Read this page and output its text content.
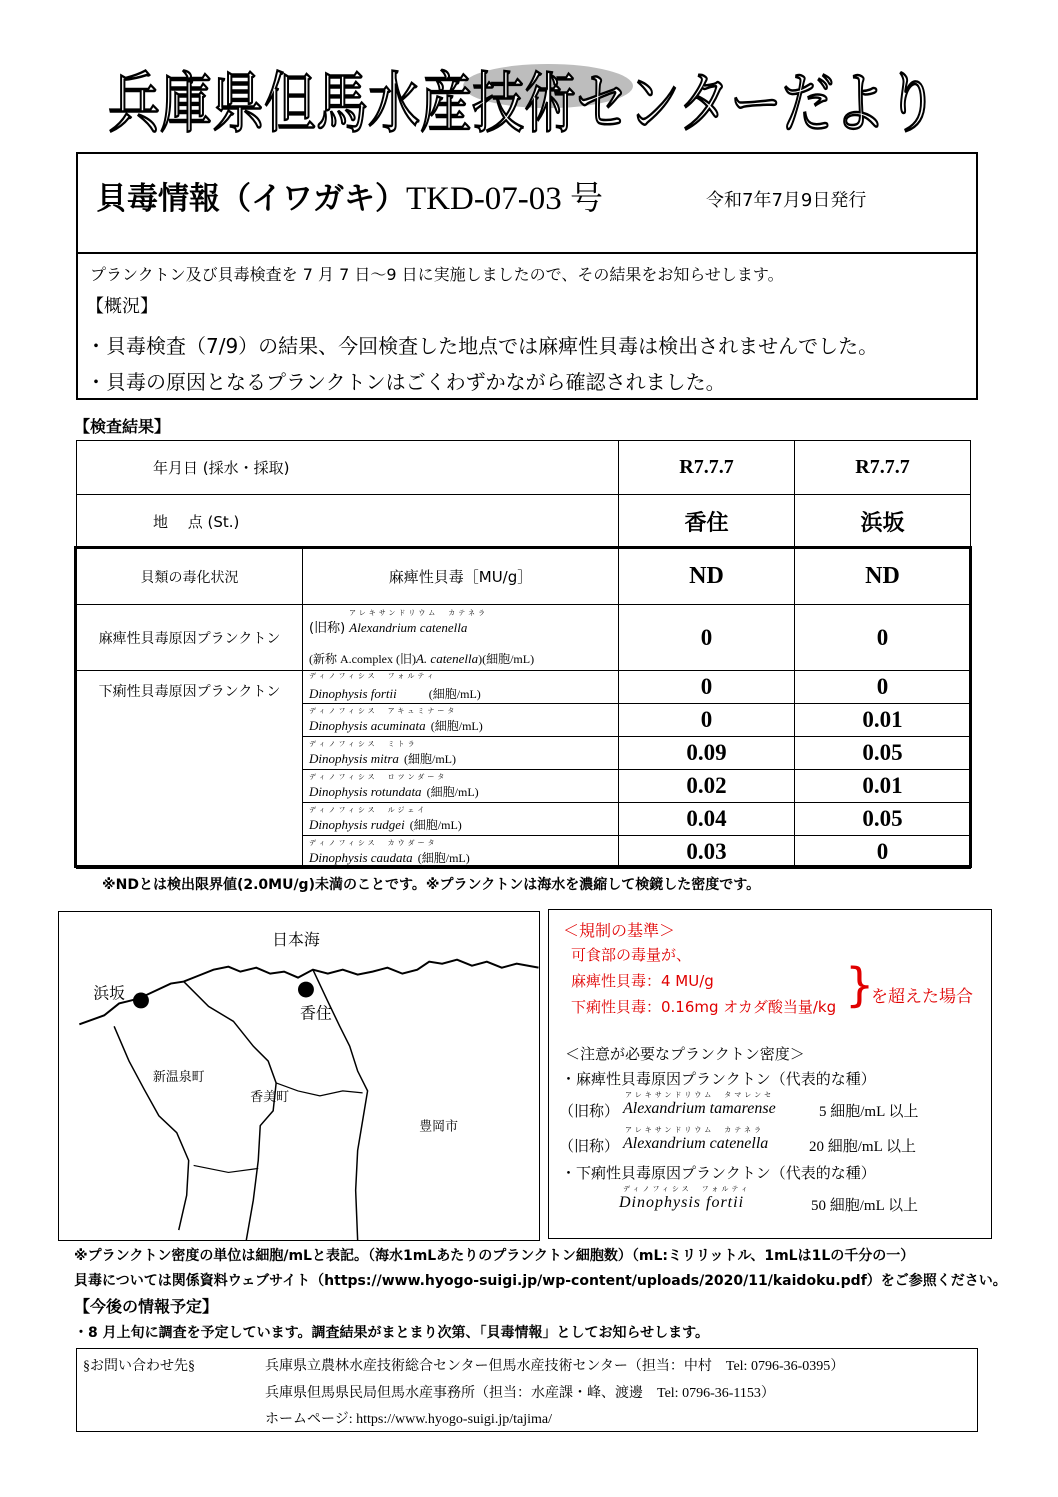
兵庫県但馬水産技術センターだより
貝毒情報（イワガキ）TKD-07-03 号	令和7年7月9日発行
プランクトン及び貝毒検査を 7 月 7 日～9 日に実施しましたので、その結果をお知らせします。
【概況】
・貝毒検査（7/9）の結果、今回検査した地点では麻痺性貝毒は検出されませんでした。
・貝毒の原因となるプランクトンはごくわずかながら確認されました。
【検査結果】
年月日 (採水・採取)		R7.7.7	R7.7.7
地　 点 (St.)		香住	浜坂
貝類の毒化状況	麻痺性貝毒［MU/g］	ND	ND
麻痺性貝毒原因プランクトン	アレキサンドリウム　カテネラ
(旧称) Alexandrium catenella
(新称 A.complex (旧)A. catenella)(細胞/mL)	0	0
下痢性貝毒原因プランクトン	ディノフィシス　フォルティ
Dinophysis fortii　　 (細胞/mL)	0	0

	ディノフィシス　アキュミナータ
Dinophysis acuminata (細胞/mL)	0	0.01

	ディノフィシス　ミトラ
Dinophysis mitra (細胞/mL)	0.09	0.05

	ディノフィシス　ロツンダータ
Dinophysis rotundata (細胞/mL)	0.02	0.01

	ディノフィシス　ルジェイ
Dinophysis rudgei (細胞/mL)	0.04	0.05

	ディノフィシス　カウダータ
Dinophysis caudata (細胞/mL)	0.03	0
※NDとは検出限界値(2.0MU/g)未満のことです。※プランクトンは海水を濃縮して検鏡した密度です。
日本海
浜坂
香住
新温泉町
香美町
豊岡市
＜規制の基準＞
可食部の毒量が、
麻痺性貝毒：4 MU/g
下痢性貝毒：0.16mg オカダ酸当量/kg }
を超えた場合
＜注意が必要なプランクトン密度＞
・麻痺性貝毒原因プランクトン（代表的な種）
アレキサンドリウム　タマレンセ
（旧称） Alexandrium tamarense	5 細胞/mL 以上
アレキサンドリウム　カテネラ
（旧称） Alexandrium catenella	20 細胞/mL 以上
・下痢性貝毒原因プランクトン（代表的な種）
ディノフィシス　フォルティ
Dinophysis fortii	50 細胞/mL 以上
※プランクトン密度の単位は細胞/mLと表記。（海水1mLあたりのプランクトン細胞数）（mL:ミリリットル、1mLは1Lの千分の一）
貝毒については関係資料ウェブサイト（https://www.hyogo-suigi.jp/wp-content/uploads/2020/11/kaidoku.pdf）をご参照ください。
【今後の情報予定】
・8 月上旬に調査を予定しています。調査結果がまとまり次第、「貝毒情報」としてお知らせします。
§お問い合わせ先§	兵庫県立農林水産技術総合センター但馬水産技術センター（担当：中村　Tel: 0796-36-0395）
兵庫県但馬県民局但馬水産事務所（担当：水産課・峰、渡邊　Tel: 0796-36-1153）
ホームページ: https://www.hyogo-suigi.jp/tajima/
